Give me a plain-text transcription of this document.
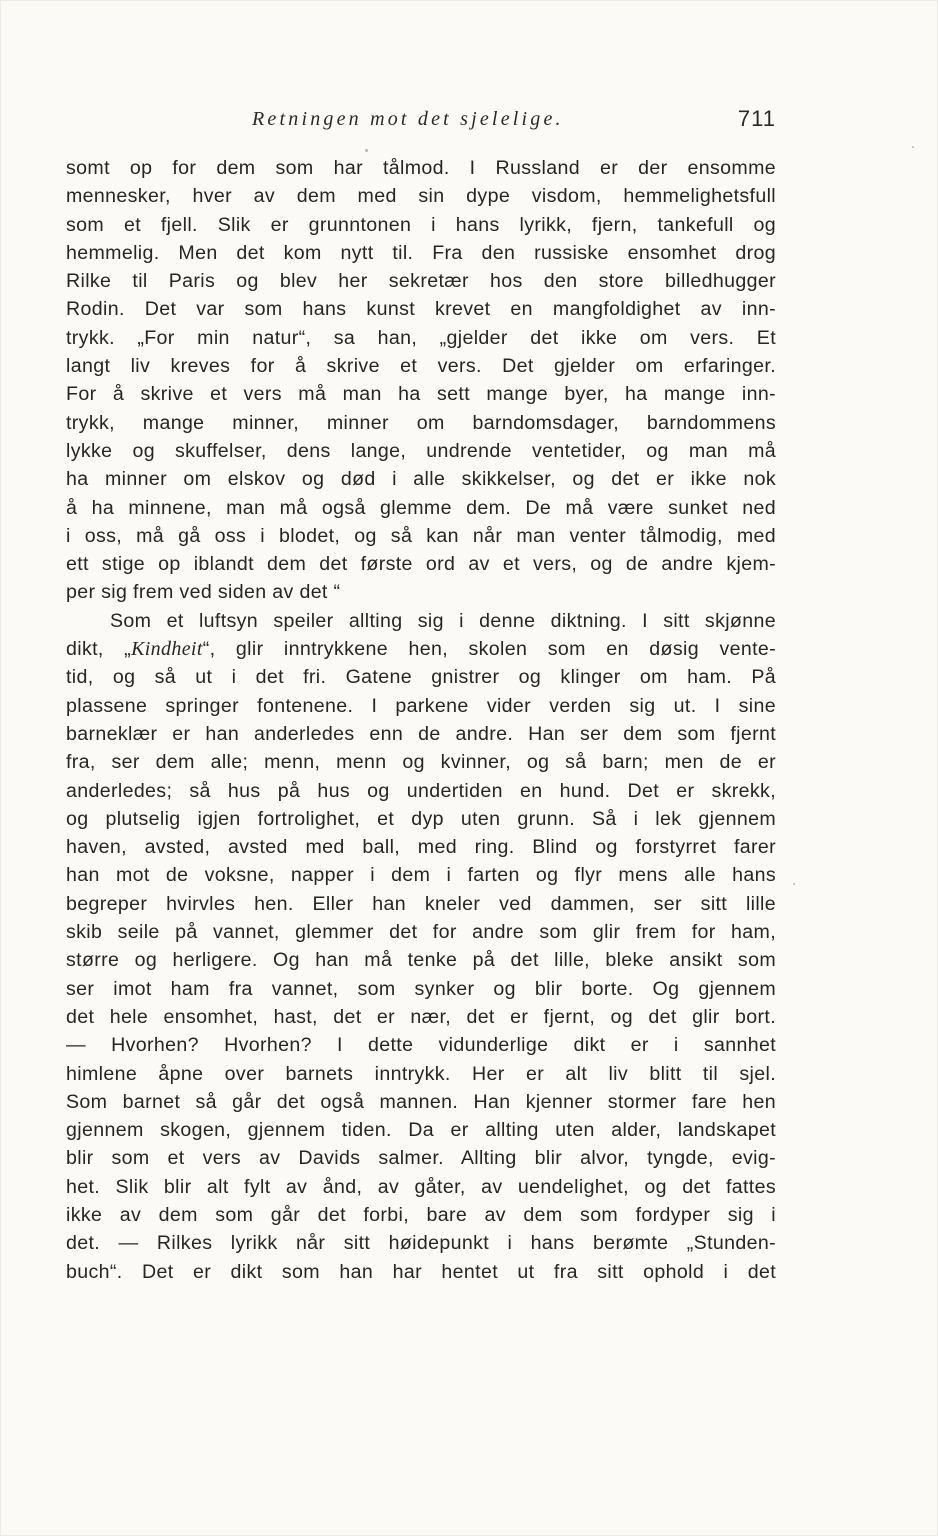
Retningen mot det sjelelige.	711
somt op for dem som har tålmod. I Russland er der ensomme
mennesker, hver av dem med sin dype visdom, hemmelighetsfull
som et fjell. Slik er grunntonen i hans lyrikk, fjern, tankefull og
hemmelig. Men det kom nytt til. Fra den russiske ensomhet drog
Rilke til Paris og blev her sekretær hos den store billedhugger
Rodin. Det var som hans kunst krevet en mangfoldighet av inn-
trykk. „For min natur“, sa han, „gjelder det ikke om vers. Et
langt liv kreves for å skrive et vers. Det gjelder om erfaringer.
For å skrive et vers må man ha sett mange byer, ha mange inn-
trykk, mange minner, minner om barndomsdager, barndommens
lykke og skuffelser, dens lange, undrende ventetider, og man må
ha minner om elskov og død i alle skikkelser, og det er ikke nok
å ha minnene, man må også glemme dem. De må være sunket ned
i oss, må gå oss i blodet, og så kan når man venter tålmodig, med
ett stige op iblandt dem det første ord av et vers, og de andre kjem-
per sig frem ved siden av det “
Som et luftsyn speiler allting sig i denne diktning. I sitt skjønne
dikt, „Kindheit“, glir inntrykkene hen, skolen som en døsig vente-
tid, og så ut i det fri. Gatene gnistrer og klinger om ham. På
plassene springer fontenene. I parkene vider verden sig ut. I sine
barneklær er han anderledes enn de andre. Han ser dem som fjernt
fra, ser dem alle; menn, menn og kvinner, og så barn; men de er
anderledes; så hus på hus og undertiden en hund. Det er skrekk,
og plutselig igjen fortrolighet, et dyp uten grunn. Så i lek gjennem
haven, avsted, avsted med ball, med ring. Blind og forstyrret farer
han mot de voksne, napper i dem i farten og flyr mens alle hans
begreper hvirvles hen. Eller han kneler ved dammen, ser sitt lille
skib seile på vannet, glemmer det for andre som glir frem for ham,
større og herligere. Og han må tenke på det lille, bleke ansikt som
ser imot ham fra vannet, som synker og blir borte. Og gjennem
det hele ensomhet, hast, det er nær, det er fjernt, og det glir bort.
— Hvorhen? Hvorhen? I dette vidunderlige dikt er i sannhet
himlene åpne over barnets inntrykk. Her er alt liv blitt til sjel.
Som barnet så går det også mannen. Han kjenner stormer fare hen
gjennem skogen, gjennem tiden. Da er allting uten alder, landskapet
blir som et vers av Davids salmer. Allting blir alvor, tyngde, evig-
het. Slik blir alt fylt av ånd, av gåter, av uendelighet, og det fattes
ikke av dem som går det forbi, bare av dem som fordyper sig i
det. — Rilkes lyrikk når sitt høidepunkt i hans berømte „Stunden-
buch“. Det er dikt som han har hentet ut fra sitt ophold i det
